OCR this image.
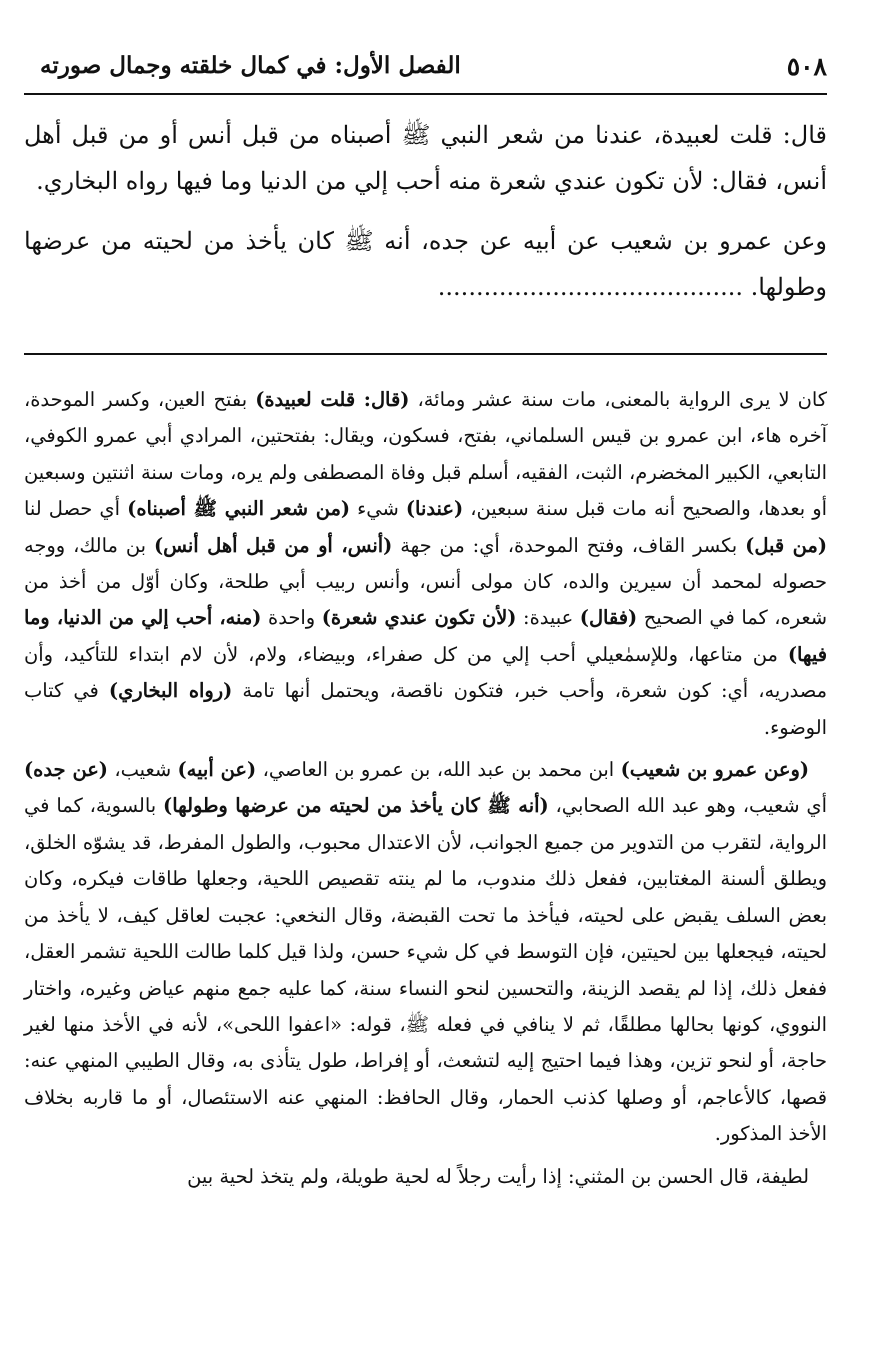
٥٠٨
الفصل الأول: في كمال خلقته وجمال صورته

قال: قلت لعبيدة، عندنا من شعر النبي ﷺ أصبناه من قبل أنس أو من قبل أهل أنس، فقال: لأن تكون عندي شعرة منه أحب إلي من الدنيا وما فيها رواه البخاري.

وعن عمرو بن شعيب عن أبيه عن جده، أنه ﷺ كان يأخذ من لحيته من عرضها وطولها. ........................................

كان لا يرى الرواية بالمعنى، مات سنة عشر ومائة، (قال: قلت لعبيدة) بفتح العين، وكسر الموحدة، آخره هاء، ابن عمرو بن قيس السلماني، بفتح، فسكون، ويقال: بفتحتين، المرادي أبي عمرو الكوفي، التابعي، الكبير المخضرم، الثبت، الفقيه، أسلم قبل وفاة المصطفى ولم يره، ومات سنة اثنتين وسبعين أو بعدها، والصحيح أنه مات قبل سنة سبعين، (عندنا) شيء (من شعر النبي ﷺ أصبناه) أي حصل لنا (من قبل) بكسر القاف، وفتح الموحدة، أي: من جهة (أنس، أو من قبل أهل أنس) بن مالك، ووجه حصوله لمحمد أن سيرين والده، كان مولى أنس، وأنس ربيب أبي طلحة، وكان أوّل من أخذ من شعره، كما في الصحيح (فقال) عبيدة: (لأن تكون عندي شعرة) واحدة (منه، أحب إلي من الدنيا، وما فيها) من متاعها، وللإسمٰعيلي أحب إلي من كل صفراء، وبيضاء، ولام، لأن لام ابتداء للتأكيد، وأن مصدريه، أي: كون شعرة، وأحب خبر، فتكون ناقصة، ويحتمل أنها تامة (رواه البخاري) في كتاب الوضوء.

(وعن عمرو بن شعيب) ابن محمد بن عبد الله، بن عمرو بن العاصي، (عن أبيه) شعيب، (عن جده) أي شعيب، وهو عبد الله الصحابي، (أنه ﷺ كان يأخذ من لحيته من عرضها وطولها) بالسوية، كما في الرواية، لتقرب من التدوير من جميع الجوانب، لأن الاعتدال محبوب، والطول المفرط، قد يشوّه الخلق، ويطلق ألسنة المغتابين، ففعل ذلك مندوب، ما لم ينته تقصيص اللحية، وجعلها طاقات فيكره، وكان بعض السلف يقبض على لحيته، فيأخذ ما تحت القبضة، وقال النخعي: عجبت لعاقل كيف، لا يأخذ من لحيته، فيجعلها بين لحيتين، فإن التوسط في كل شيء حسن، ولذا قيل كلما طالت اللحية تشمر العقل، ففعل ذلك، إذا لم يقصد الزينة، والتحسين لنحو النساء سنة، كما عليه جمع منهم عياض وغيره، واختار النووي، كونها بحالها مطلقًا، ثم لا ينافي في فعله ﷺ، قوله: «اعفوا اللحى»، لأنه في الأخذ منها لغير حاجة، أو لنحو تزين، وهذا فيما احتيج إليه لتشعث، أو إفراط، طول يتأذى به، وقال الطيبي المنهي عنه: قصها، كالأعاجم، أو وصلها كذنب الحمار، وقال الحافظ: المنهي عنه الاستئصال، أو ما قاربه بخلاف الأخذ المذكور.

لطيفة، قال الحسن بن المثني: إذا رأيت رجلاً له لحية طويلة، ولم يتخذ لحية بين
